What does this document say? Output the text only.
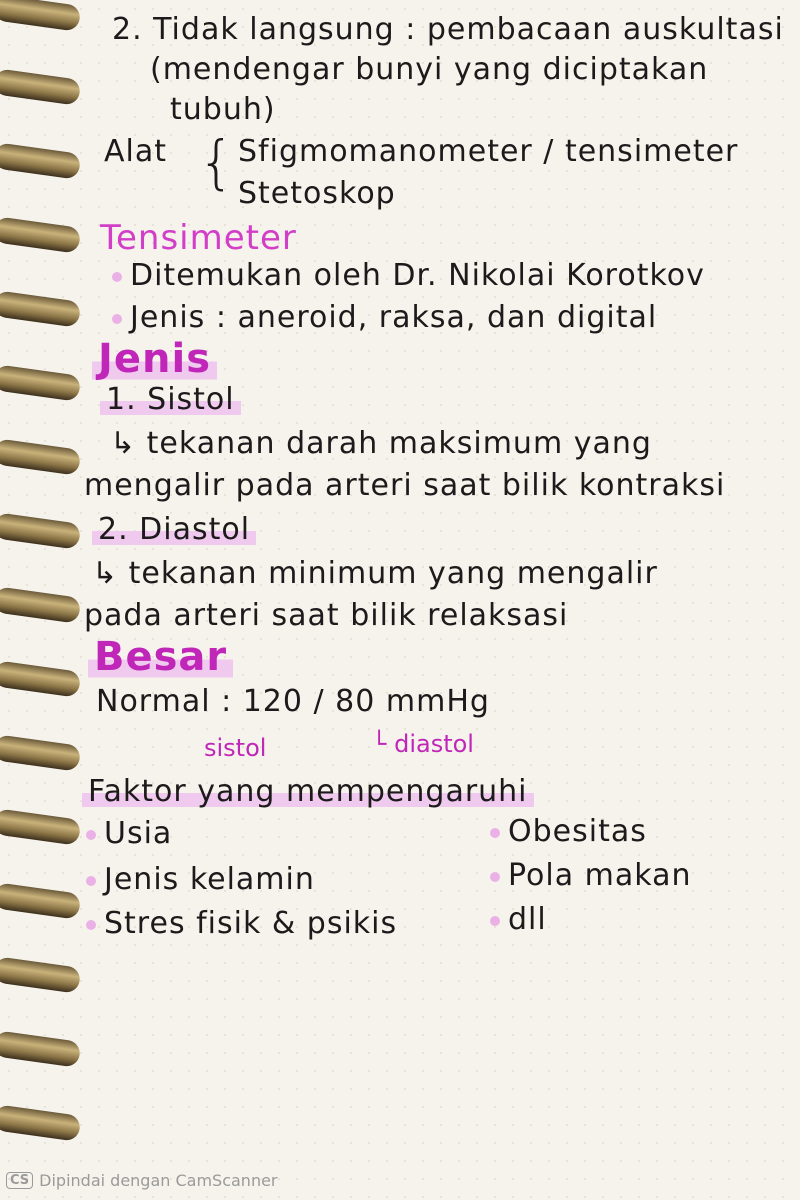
2. Tidak langsung : pembacaan auskultasi
(mendengar bunyi yang diciptakan
tubuh)
Alat { Sfigmomanometer / tensimeter
Stetoskop
Tensimeter
Ditemukan oleh Dr. Nikolai Korotkov
Jenis : aneroid, raksa, dan digital
Jenis
1. Sistol
↳ tekanan darah maksimum yang
mengalir pada arteri saat bilik kontraksi
2. Diastol
↳ tekanan minimum yang mengalir
pada arteri saat bilik relaksasi
Besar
Normal : 120 / 80 mmHg
sistol	└ diastol
Faktor yang mempengaruhi
Usia
Jenis kelamin
Stres fisik & psikis
Obesitas
Pola makan
dll
CS Dipindai dengan CamScanner
